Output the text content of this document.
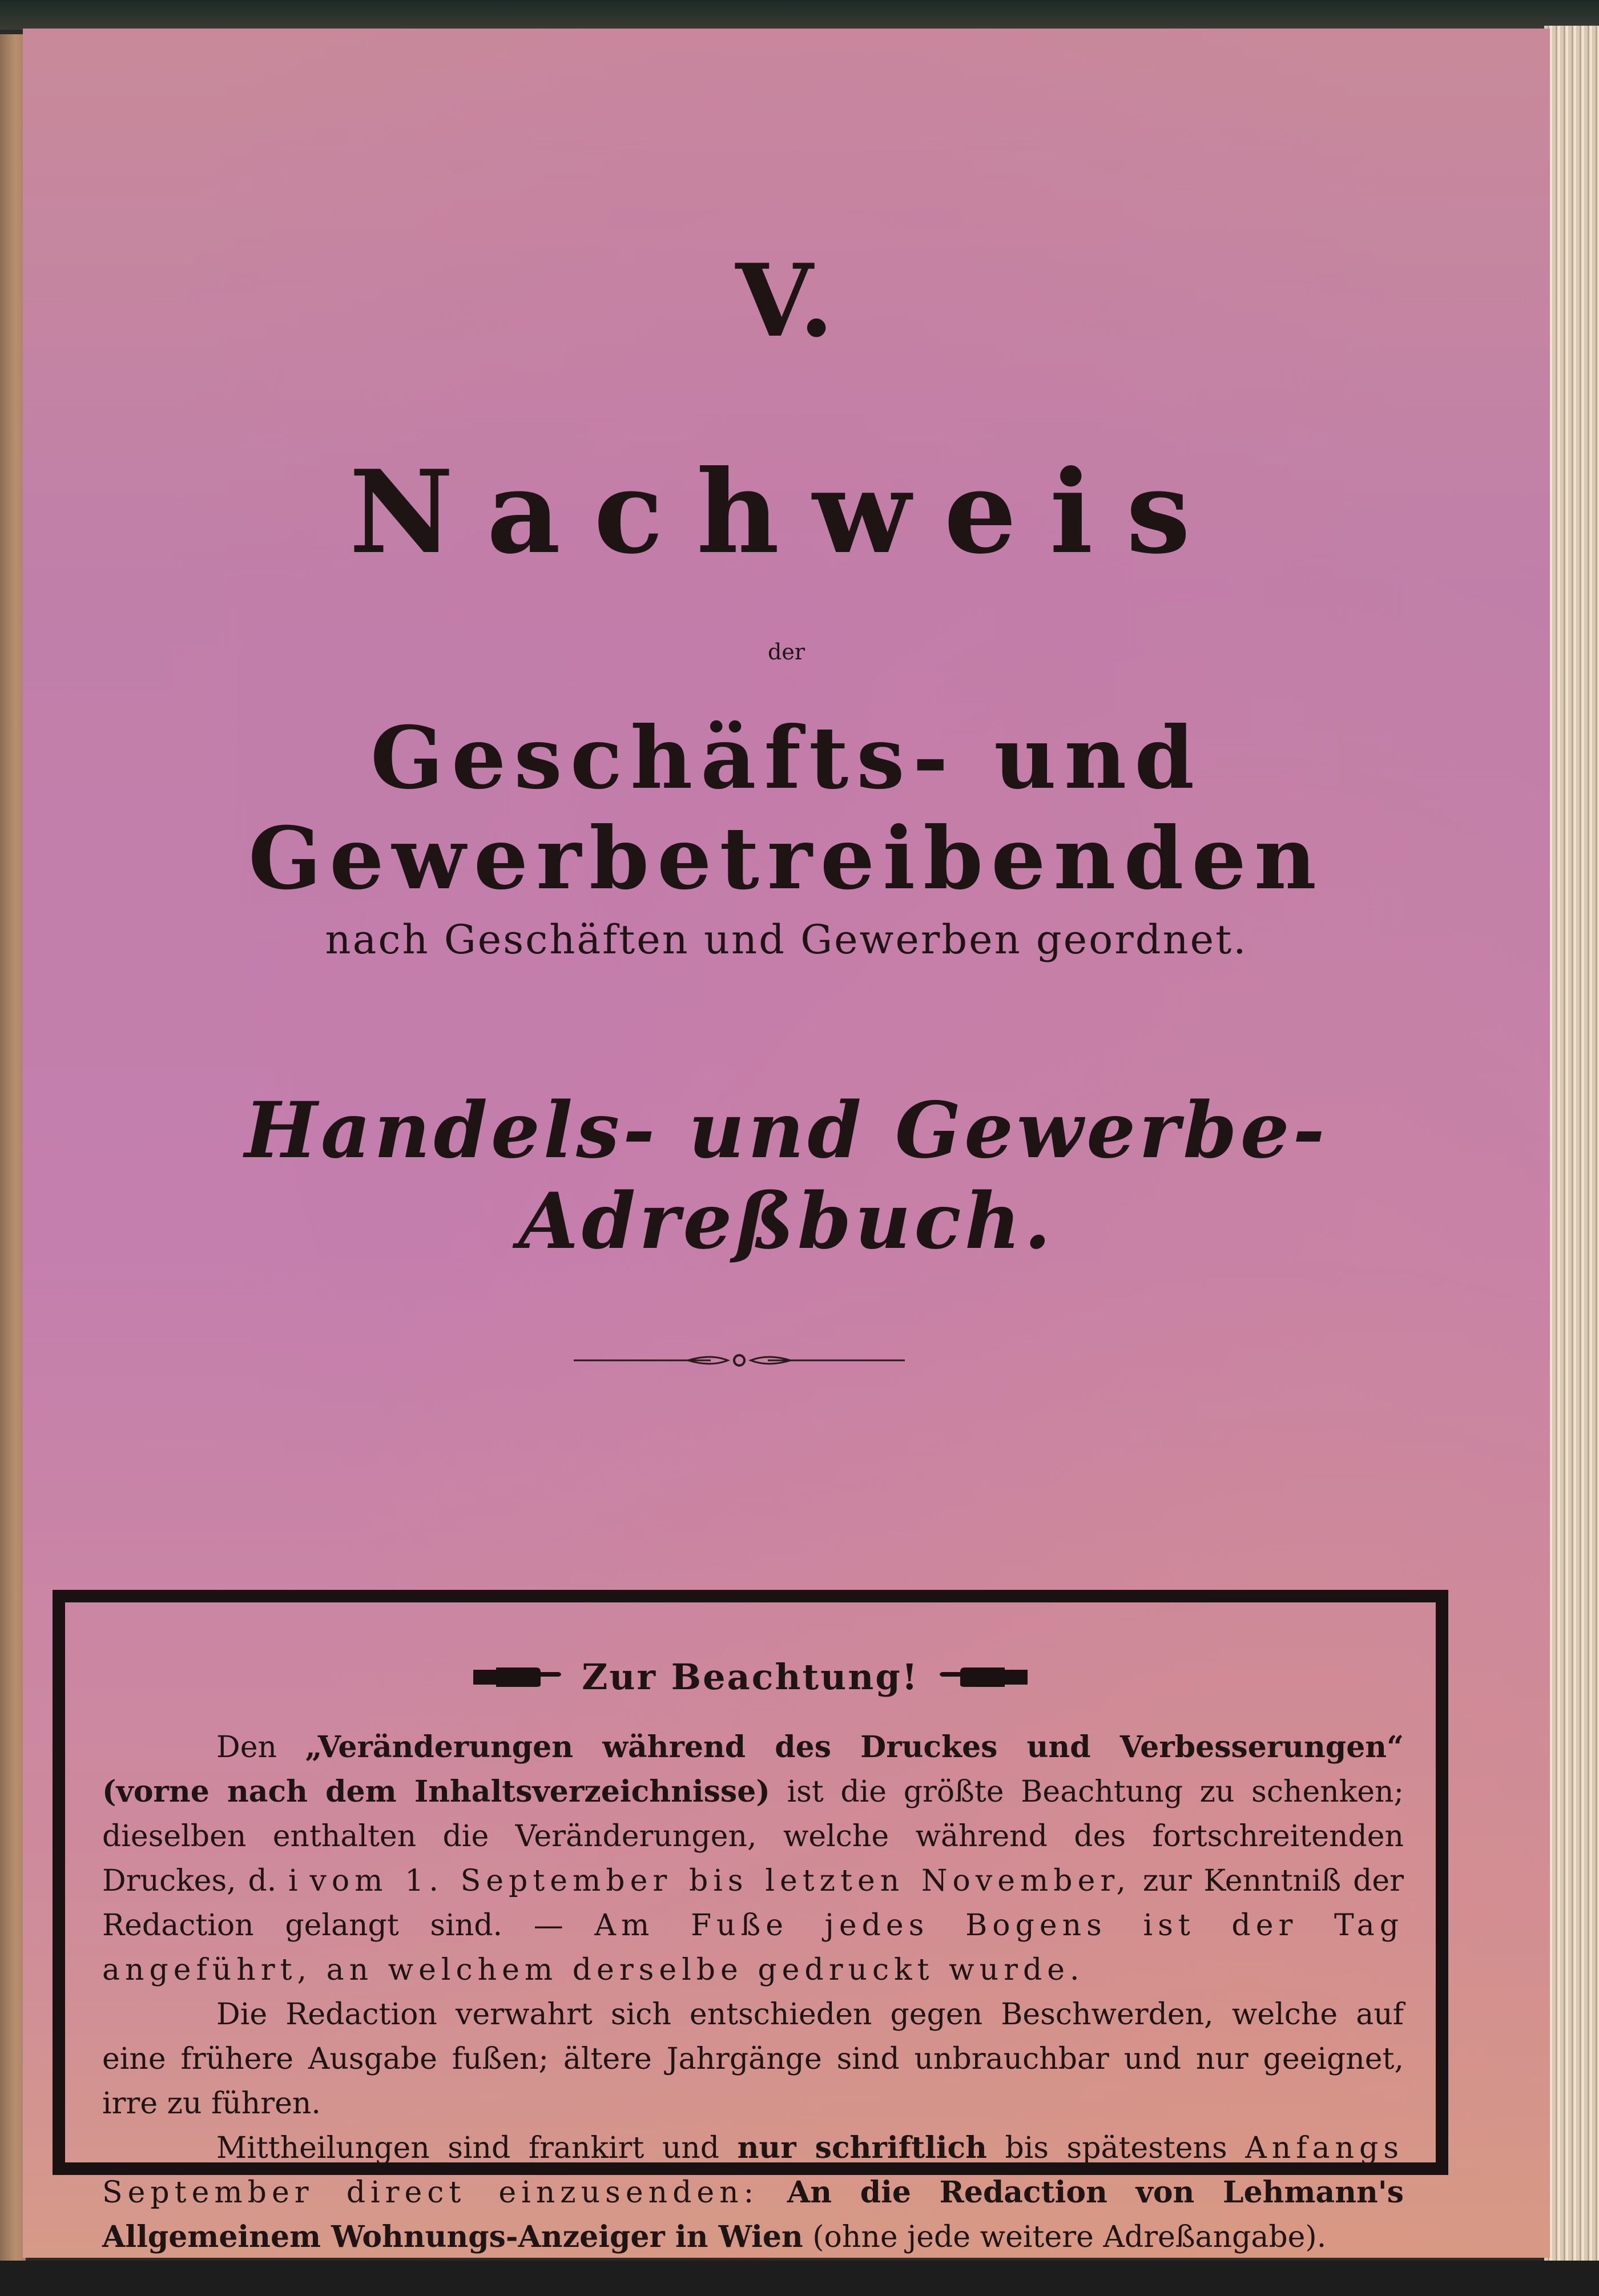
V.
Nachweis
der
Geschäfts- und Gewerbetreibenden
nach Geschäften und Gewerben geordnet.
Handels- und Gewerbe-Adreßbuch.
Zur Beachtung!

Den „Veränderungen während des Druckes und Verbesserungen“ (vorne nach dem Inhaltsverzeichnisse) ist die größte Beachtung zu schenken; dieselben enthalten die Veränderungen, welche während des fortschreitenden Druckes, d. i vom 1. September bis letzten November, zur Kenntniß der Redaction gelangt sind. — Am Fuße jedes Bogens ist der Tag angeführt, an welchem derselbe gedruckt wurde.

Die Redaction verwahrt sich entschieden gegen Beschwerden, welche auf eine frühere Ausgabe fußen; ältere Jahrgänge sind unbrauchbar und nur geeignet, irre zu führen.

Mittheilungen sind frankirt und nur schriftlich bis spätestens Anfangs September direct einzusenden: An die Redaction von Lehmann's Allgemeinem Wohnungs-Anzeiger in Wien (ohne jede weitere Adreßangabe).
